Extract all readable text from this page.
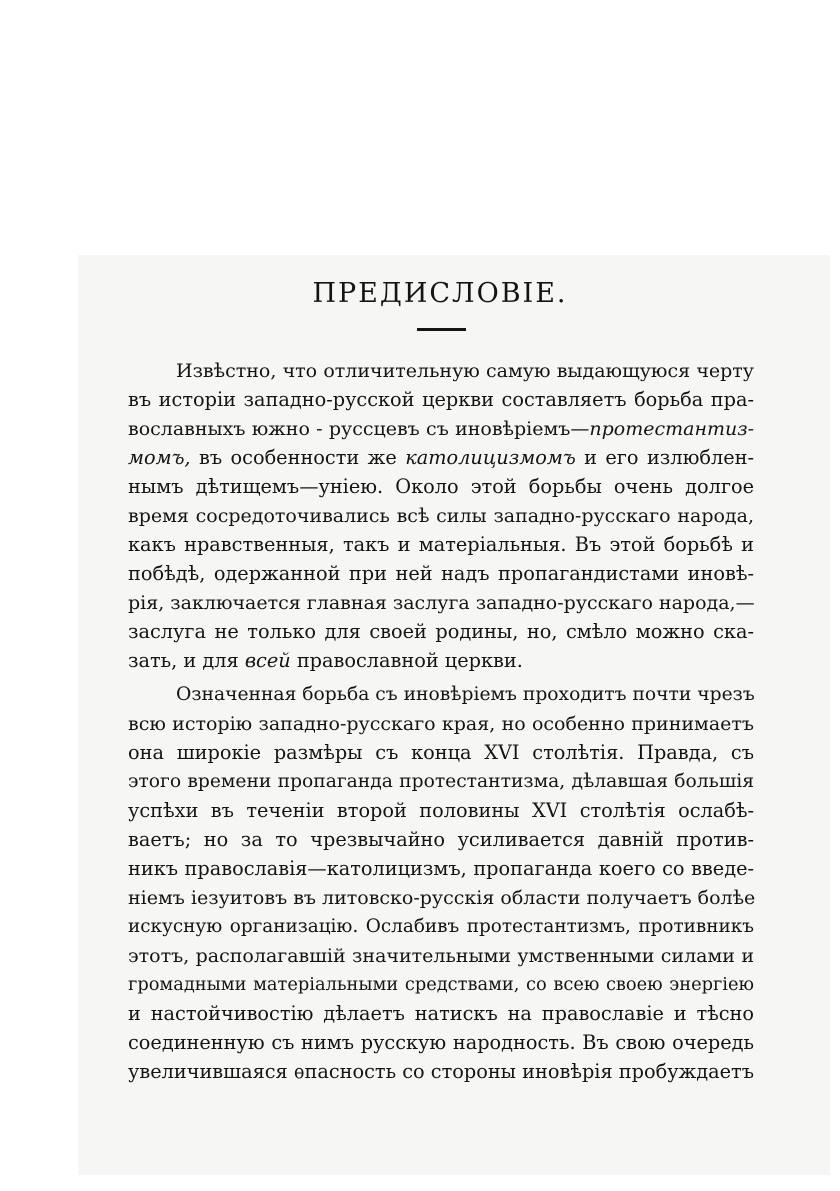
ПРЕДИСЛОВІЕ.
Извѣстно, что отличительную самую выдающуюся черту
въ исторіи западно-русской церкви составляетъ борьба пра-
вославныхъ южно - руссцевъ съ иновѣріемъ—протестантиз-
момъ, въ особенности же католицизмомъ и его излюблен-
нымъ дѣтищемъ—уніею. Около этой борьбы очень долгое
время сосредоточивались всѣ силы западно-русскаго народа,
какъ нравственныя, такъ и матеріальныя. Въ этой борьбѣ и
побѣдѣ, одержанной при ней надъ пропагандистами иновѣ-
рія, заключается главная заслуга западно-русскаго народа,—
заслуга не только для своей родины, но, смѣло можно ска-
зать, и для всей православной церкви.
Означенная борьба съ иновѣріемъ проходитъ почти чрезъ
всю исторію западно-русскаго края, но особенно принимаетъ
она широкіе размѣры съ конца XVI столѣтія. Правда, съ
этого времени пропаганда протестантизма, дѣлавшая большія
успѣхи въ теченіи второй половины XVI столѣтія ослабѣ-
ваетъ; но за то чрезвычайно усиливается давній против-
никъ православія—католицизмъ, пропаганда коего со введе-
ніемъ іезуитовъ въ литовско-русскія области получаетъ болѣе
искусную организацію. Ослабивъ протестантизмъ, противникъ
этотъ, располагавшій значительными умственными силами и
громадными матеріальными средствами, со всею своею энергіею
и настойчивостію дѣлаетъ натискъ на православіе и тѣсно
соединенную съ нимъ русскую народность. Въ свою очередь
увеличившаяся ѳпасность со стороны иновѣрія пробуждаетъ
